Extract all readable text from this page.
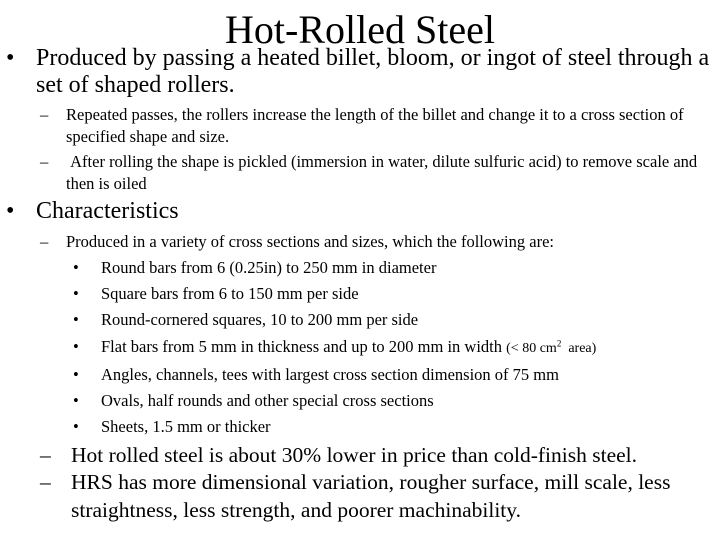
Hot-Rolled Steel
• Produced by passing a heated billet, bloom, or ingot of steel through a set of shaped rollers.
–	Repeated passes, the rollers increase the length of the billet and change it to a cross section of specified shape and size.
–	After rolling the shape is pickled (immersion in water, dilute sulfuric acid) to remove scale and then is oiled
• Characteristics
–	Produced in a variety of cross sections and sizes, which the following are:
•	Round bars from 6 (0.25in) to 250 mm in diameter
•	Square bars from 6 to 150 mm per side
•	Round-cornered squares, 10 to 200 mm per side
•	Flat bars from 5 mm in thickness and up to 200 mm in width (< 80 $cm^2$  area)
•	Angles, channels, tees with largest cross section dimension of 75 mm
•	Ovals, half rounds and other special cross sections
•	Sheets, 1.5 mm or thicker
– Hot rolled steel is about 30% lower in price than cold-finish steel.
– HRS has more dimensional variation, rougher surface, mill scale, less straightness, less strength, and poorer machinability.
